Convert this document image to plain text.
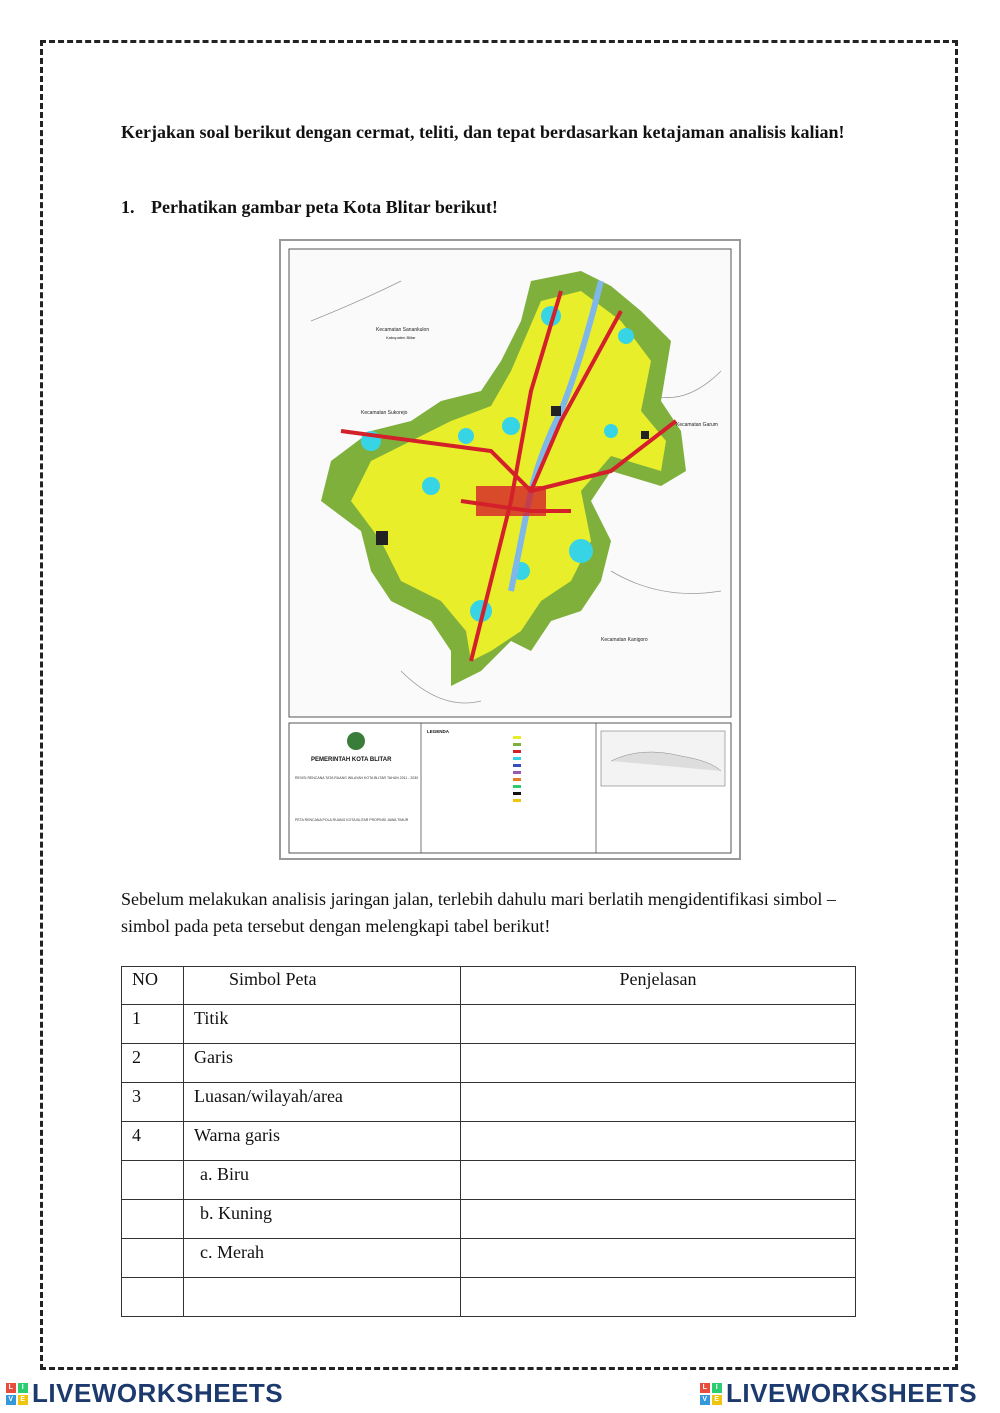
Kerjakan soal berikut dengan cermat, teliti, dan tepat berdasarkan ketajaman analisis kalian!
1. Perhatikan gambar peta Kota Blitar berikut!
Kecamatan Sanankulon
Kabupaten Blitar
Kecamatan Sukorejo
Kecamatan Garum
Kecamatan Kanigoro
PEMERINTAH KOTA BLITAR
REVISI RENCANA TATA RUANG WILAYAH KOTA BLITAR TAHUN 2011 - 2030
PETA RENCANA POLA RUANG KOTA BLITAR PROPINSI JAWA TIMUR
LEGENDA
Sebelum melakukan analisis jaringan jalan, terlebih dahulu mari berlatih mengidentifikasi simbol – simbol pada peta tersebut dengan melengkapi tabel berikut!
NO	Simbol Peta	Penjelasan
1	Titik	
2	Garis	
3	Luasan/wilayah/area	
4	Warna garis	
	a. Biru	
	b. Kuning	
	c. Merah	

L	I
V E LIVEWORKSHEETS	L	I
V E LIVEWORKSHEETS
